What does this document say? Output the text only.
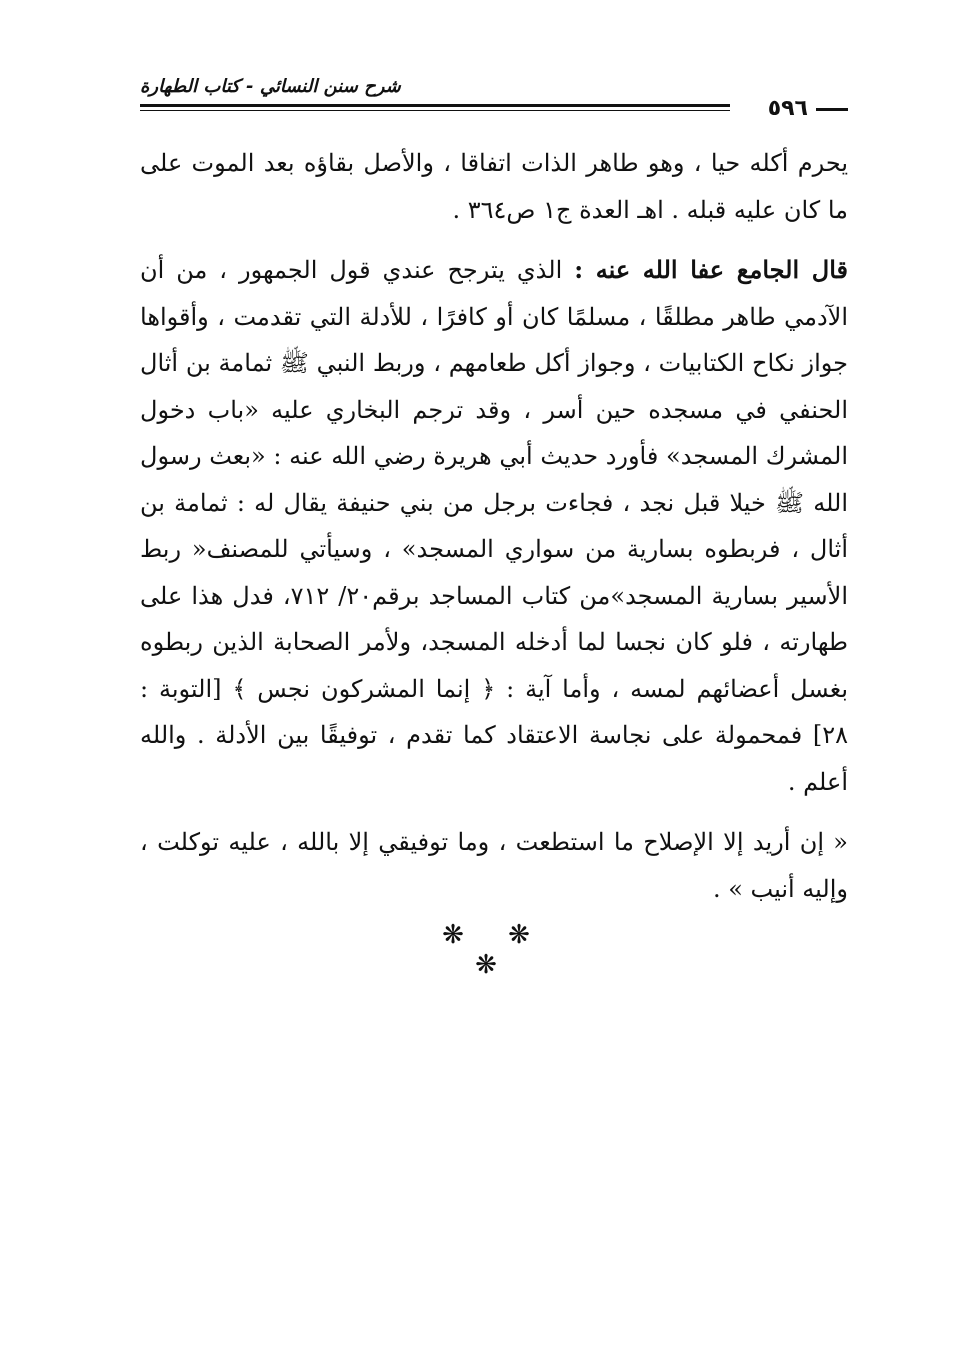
شرح سنن النسائي - كتاب الطهارة
٥٩٦

يحرم أكله حيا ، وهو طاهر الذات اتفاقا ، والأصل بقاؤه بعد الموت على ما كان عليه قبله . اهـ العدة ج١ ص٣٦٤ .

قال الجامع عفا الله عنه : الذي يترجح عندي قول الجمهور ، من أن الآدمي طاهر مطلقًا ، مسلمًا كان أو كافرًا ، للأدلة التي تقدمت ، وأقواها جواز نكاح الكتابيات ، وجواز أكل طعامهم ، وربط النبي ﷺ ثمامة بن أثال الحنفي في مسجده حين أسر ، وقد ترجم البخاري عليه «باب دخول المشرك المسجد» فأورد حديث أبي هريرة رضي الله عنه : «بعث رسول الله ﷺ خيلا قبل نجد ، فجاءت برجل من بني حنيفة يقال له : ثمامة بن أثال ، فربطوه بسارية من سواري المسجد» ، وسيأتي للمصنف« ربط الأسير بسارية المسجد»من كتاب المساجد برقم٢٠/ ٧١٢، فدل هذا على طهارته ، فلو كان نجسا لما أدخله المسجد، ولأمر الصحابة الذين ربطوه بغسل أعضائهم لمسه ، وأما آية : ﴿ إنما المشركون نجس ﴾ [التوبة : ٢٨] فمحمولة على نجاسة الاعتقاد كما تقدم ، توفيقًا بين الأدلة . والله أعلم .

« إن أريد إلا الإصلاح ما استطعت ، وما توفيقي إلا بالله ، عليه توكلت ، وإليه أنيب » .

❋ ❋ ❋
